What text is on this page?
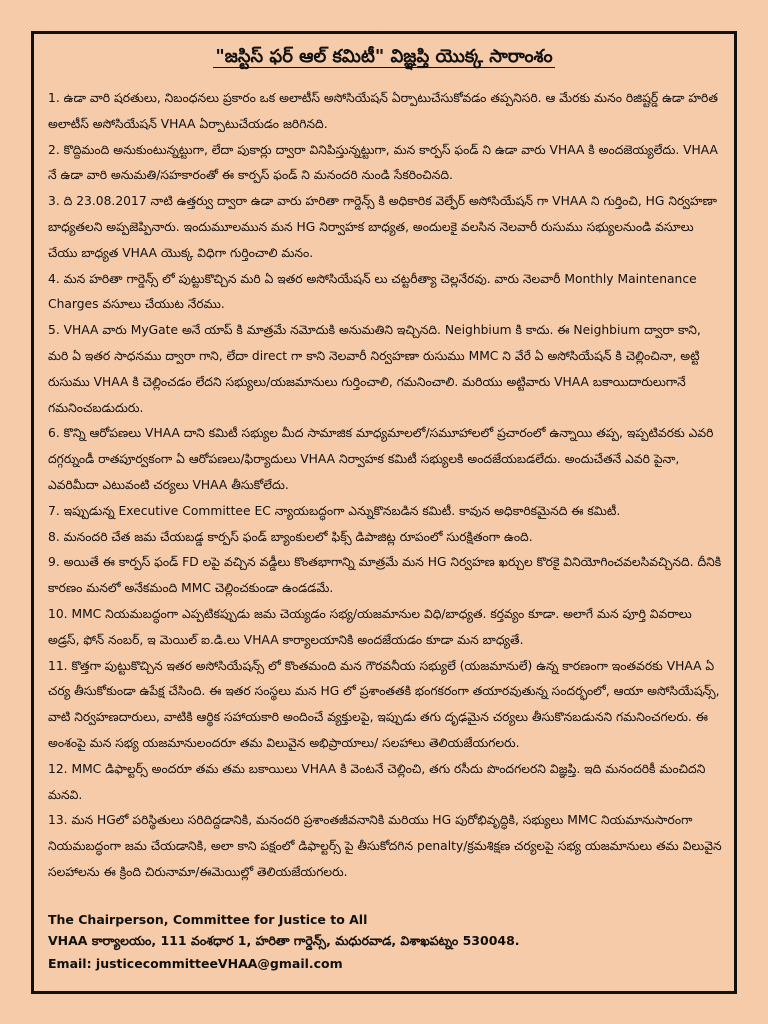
"జస్టిస్ ఫర్ ఆల్ కమిటీ" విజ్ఞప్తి యొక్క సారాంశం
1. ఉడా వారి షరతులు, నిబంధనలు ప్రకారం ఒక అలాటీస్ అసోసియేషన్ ఏర్పాటుచేసుకోవడం తప్పనిసరి. ఆ మేరకు మనం రిజిష్టర్డ్ ఉడా హరిత అలాటీస్ అసోసియేషన్ VHAA ఏర్పాటుచేయడం జరిగినది.
2. కొద్దిమంది అనుకుంటున్నట్టుగా, లేదా పుకార్లు ద్వారా వినిపిస్తున్నట్టుగా, మన కార్పస్ ఫండ్ ని ఉడా వారు VHAA కి అందజెయ్యలేదు. VHAA నే ఉడా వారి అనుమతి/సహకారంతో ఈ కార్పస్ ఫండ్ ని మనందరి నుండి సేకరించినది.
3. ది 23.08.2017 నాటి ఉత్తర్వు ద్వారా ఉడా వారు హరితా గార్డెన్స్ కి అధికారిక వెల్ఫేర్ అసోసియేషన్ గా VHAA ని గుర్తించి, HG నిర్వహణా బాధ్యతలని అప్పజెప్పినారు. ఇందుమూలమున మన HG నిర్వాహక బాధ్యత, అందులకై వలసిన నెలవారీ రుసుము సభ్యులనుండి వసూలు చేయు బాధ్యత VHAA యొక్క విధిగా గుర్తించాలి మనం.
4. మన హరితా గార్డెన్స్ లో పుట్టుకొచ్చిన మరి ఏ ఇతర అసోసియేషన్ లు చట్టరీత్యా చెల్లనేరవు. వారు నెలవారీ Monthly Maintenance Charges వసూలు చేయుట నేరము.
5. VHAA వారు MyGate అనే యాప్ కి మాత్రమే నమోదుకి అనుమతిని ఇచ్చినది. Neighbium కి కాదు. ఈ Neighbium ద్వారా కాని, మరి ఏ ఇతర సాధనము ద్వారా గాని, లేదా direct గా కాని నెలవారీ నిర్వహణా రుసుము MMC ని వేరే ఏ అసోసియేషన్ కి చెల్లించినా, అట్టి రుసుము VHAA కి చెల్లించడం లేదని సభ్యులు/యజమానులు గుర్తించాలి, గమనించాలి. మరియు అట్టివారు VHAA బకాయిదారులుగానే గమనించబడుదురు.
6. కొన్ని ఆరోపణలు VHAA దాని కమిటీ సభ్యుల మీద సామాజిక మాధ్యమాలలో/సమూహాలలో ప్రచారంలో ఉన్నాయి తప్ప, ఇప్పటివరకు ఎవరి దగ్గర్నుండీ రాతపూర్వకంగా ఏ ఆరోపణలు/ఫిర్యాదులు VHAA నిర్వాహక కమిటీ సభ్యులకి అందజేయబడలేదు. అందుచేతనే ఎవరి పైనా, ఎవరిమీదా ఎటువంటి చర్యలు VHAA తీసుకోలేదు.
7. ఇప్పుడున్న Executive Committee EC న్యాయబద్ధంగా ఎన్నుకొనబడిన కమిటీ. కావున అధికారికమైనది ఈ కమిటీ.
8. మనందరి చేత జమ చేయబడ్డ కార్పస్ ఫండ్ బ్యాంకులలో ఫిక్స్ డిపాజిట్ల రూపంలో సురక్షితంగా ఉంది.
9. అయితే ఈ కార్పస్ ఫండ్ FD లపై వచ్చిన వడ్డీలు కొంతభాగాన్ని మాత్రమే మన HG నిర్వహణ ఖర్చుల కొరకై వినియోగించవలసివచ్చినది. దీనికి కారణం మనలో అనేకమంది MMC చెల్లించకుండా ఉండడమే.
10. MMC నియమబద్ధంగా ఎప్పటికప్పుడు జమ చెయ్యడం సభ్య/యజమానుల విధి/బాధ్యత. కర్తవ్యం కూడా. అలాగే మన పూర్తి వివరాలు అడ్రస్, ఫోన్ నంబర్, ఇ మెయిల్ ఐ.డి.లు VHAA కార్యాలయానికి అందజేయడం కూడా మన బాధ్యతే.
11. కొత్తగా పుట్టుకొచ్చిన ఇతర అసోసియేషన్స్ లో కొంతమంది మన గౌరవనీయ సభ్యులే (యజమానులే) ఉన్న కారణంగా ఇంతవరకు VHAA ఏ చర్య తీసుకోకుండా ఉపేక్ష చేసింది. ఈ ఇతర సంస్థలు మన HG లో ప్రశాంతతకి భంగకరంగా తయారవుతున్న సందర్భంలో, ఆయా అసోసియేషన్స్, వాటి నిర్వహణదారులు, వాటికి ఆర్థిక సహాయకారి అందించే వ్యక్తులపై, ఇప్పుడు తగు దృఢమైన చర్యలు తీసుకొనబడునని గమనించగలరు. ఈ అంశంపై మన సభ్య యజమానులందరూ తమ విలువైన అభిప్రాయాలు/ సలహాలు తెలియజేయగలరు.
12. MMC డిఫాల్టర్స్ అందరూ తమ తమ బకాయిలు VHAA కి వెంటనే చెల్లించి, తగు రసీదు పొందగలరని విజ్ఞప్తి. ఇది మనందరికీ మంచిదని మనవి.
13. మన HGలో పరిస్థితులు సరిదిద్దడానికి, మనందరి ప్రశాంతజీవనానికి మరియు HG పురోభివృద్ధికి, సభ్యులు MMC నియమానుసారంగా నియమబద్ధంగా జమ చేయడానికి, అలా కాని పక్షంలో డిఫాల్టర్స్ పై తీసుకోదగిన penalty/క్రమశిక్షణ చర్యలపై సభ్య యజమానులు తమ విలువైన సలహాలను ఈ క్రింది చిరునామా/ఈమెయిల్లో తెలియజేయగలరు.
The Chairperson, Committee for Justice to All
VHAA కార్యాలయం, 111 వంశధార 1, హరితా గార్డెన్స్, మధురవాడ, విశాఖపట్నం 530048.
Email: justicecommitteeVHAA@gmail.com
